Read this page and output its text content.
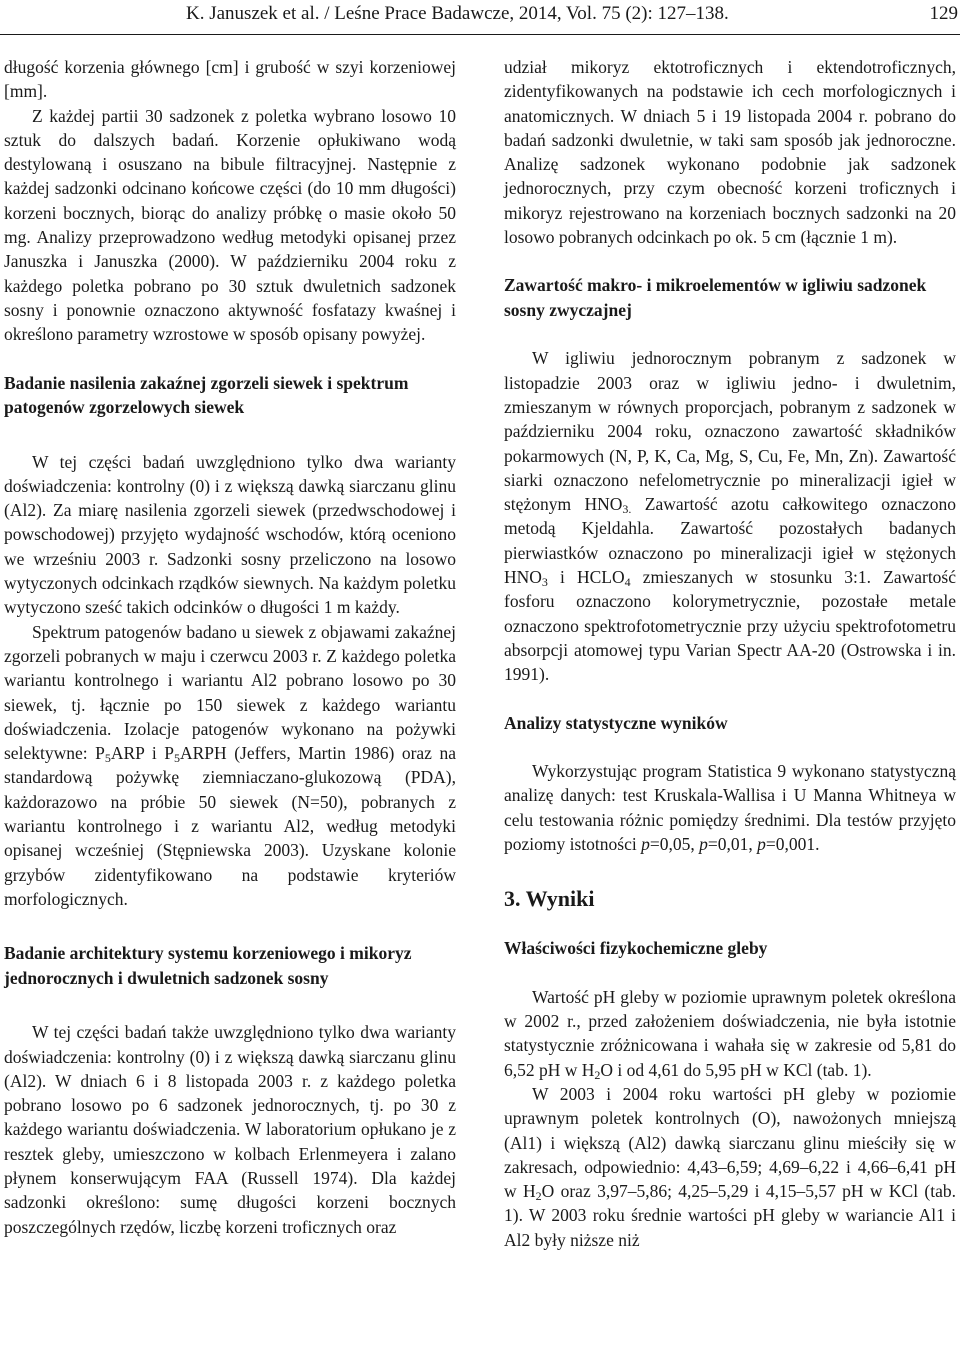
K. Januszek et al. / Leśne Prace Badawcze, 2014, Vol. 75 (2): 127–138.	129

długość korzenia głównego [cm] i grubość w szyi korzeniowej [mm].

Z każdej partii 30 sadzonek z poletka wybrano losowo 10 sztuk do dalszych badań. Korzenie opłukiwano wodą destylowaną i osuszano na bibule filtracyjnej. Następnie z każdej sadzonki odcinano końcowe części (do 10 mm długości) korzeni bocznych, biorąc do analizy próbkę o masie około 50 mg. Analizy przeprowadzono według metodyki opisanej przez Januszka i Januszka (2000). W październiku 2004 roku z każdego poletka pobrano po 30 sztuk dwuletnich sadzonek sosny i ponownie oznaczono aktywność fosfatazy kwaśnej i określono parametry wzrostowe w sposób opisany powyżej.

Badanie nasilenia zakaźnej zgorzeli siewek i spektrum patogenów zgorzelowych siewek

W tej części badań uwzględniono tylko dwa warianty doświadczenia: kontrolny (0) i z większą dawką siarczanu glinu (Al2). Za miarę nasilenia zgorzeli siewek (przedwschodowej i powschodowej) przyjęto wydajność wschodów, którą oceniono we wrześniu 2003 r. Sadzonki sosny przeliczono na losowo wytyczonych odcinkach rządków siewnych. Na każdym poletku wytyczono sześć takich odcinków o długości 1 m każdy.

Spektrum patogenów badano u siewek z objawami zakaźnej zgorzeli pobranych w maju i czerwcu 2003 r. Z każdego poletka wariantu kontrolnego i wariantu Al2 pobrano losowo po 30 siewek, tj. łącznie po 150 siewek z każdego wariantu doświadczenia. Izolacje patogenów wykonano na pożywki selektywne: $P_5ARP$ i $P_5ARPH$ (Jeffers, Martin 1986) oraz na standardową pożywkę ziemniaczano-glukozową (PDA), każdorazowo na próbie 50 siewek (N=50), pobranych z wariantu kontrolnego i z wariantu Al2, według metodyki opisanej wcześniej (Stępniewska 2003). Uzyskane kolonie grzybów zidentyfikowano na podstawie kryteriów morfologicznych.

Badanie architektury systemu korzeniowego i mikoryz jednorocznych i dwuletnich sadzonek sosny

W tej części badań także uwzględniono tylko dwa warianty doświadczenia: kontrolny (0) i z większą dawką siarczanu glinu (Al2). W dniach 6 i 8 listopada 2003 r. z każdego poletka pobrano losowo po 6 sadzonek jednorocznych, tj. po 30 z każdego wariantu doświadczenia. W laboratorium opłukano je z resztek gleby, umieszczono w kolbach Erlenmeyera i zalano płynem konserwującym FAA (Russell 1974). Dla każdej sadzonki określono: sumę długości korzeni bocznych poszczególnych rzędów, liczbę korzeni troficznych oraz

udział mikoryz ektotroficznych i ektendotroficznych, zidentyfikowanych na podstawie ich cech morfologicznych i anatomicznych. W dniach 5 i 19 listopada 2004 r. pobrano do badań sadzonki dwuletnie, w taki sam sposób jak jednoroczne. Analizę sadzonek wykonano podobnie jak sadzonek jednorocznych, przy czym obecność korzeni troficznych i mikoryz rejestrowano na korzeniach bocznych sadzonki na 20 losowo pobranych odcinkach po ok. 5 cm (łącznie 1 m).

Zawartość makro- i mikroelementów w igliwiu sadzonek sosny zwyczajnej

W igliwiu jednorocznym pobranym z sadzonek w listopadzie 2003 oraz w igliwiu jedno- i dwuletnim, zmieszanym w równych proporcjach, pobranym z sadzonek w październiku 2004 roku, oznaczono zawartość składników pokarmowych (N, P, K, Ca, Mg, S, Cu, Fe, Mn, Zn). Zawartość siarki oznaczono nefelometrycznie po mineralizacji igieł w stężonym $HNO_{3.}$ Zawartość azotu całkowitego oznaczono metodą Kjeldahla. Zawartość pozostałych badanych pierwiastków oznaczono po mineralizacji igieł w stężonych $HNO_3$ i $HCLO_4$ zmieszanych w stosunku 3:1. Zawartość fosforu oznaczono kolorymetrycznie, pozostałe metale oznaczono spektrofotometrycznie przy użyciu spektrofotometru absorpcji atomowej typu Varian Spectr AA-20 (Ostrowska i in. 1991).

Analizy statystyczne wyników

Wykorzystując program Statistica 9 wykonano statystyczną analizę danych: test Kruskala-Wallisa i U Manna Whitneya w celu testowania różnic pomiędzy średnimi. Dla testów przyjęto poziomy istotności p=0,05, p=0,01, p=0,001.

3. Wyniki
Właściwości fizykochemiczne gleby

Wartość pH gleby w poziomie uprawnym poletek określona w 2002 r., przed założeniem doświadczenia, nie była istotnie statystycznie zróżnicowana i wahała się w zakresie od 5,81 do 6,52 pH w $H_2O$ i od 4,61 do 5,95 pH w KCl (tab. 1).

W 2003 i 2004 roku wartości pH gleby w poziomie uprawnym poletek kontrolnych (O), nawożonych mniejszą (Al1) i większą (Al2) dawką siarczanu glinu mieściły się w zakresach, odpowiednio: 4,43–6,59; 4,69–6,22 i 4,66–6,41 pH w $H_2O$ oraz 3,97–5,86; 4,25–5,29 i 4,15–5,57 pH w KCl (tab. 1). W 2003 roku średnie wartości pH gleby w wariancie Al1 i Al2 były niższe niż
